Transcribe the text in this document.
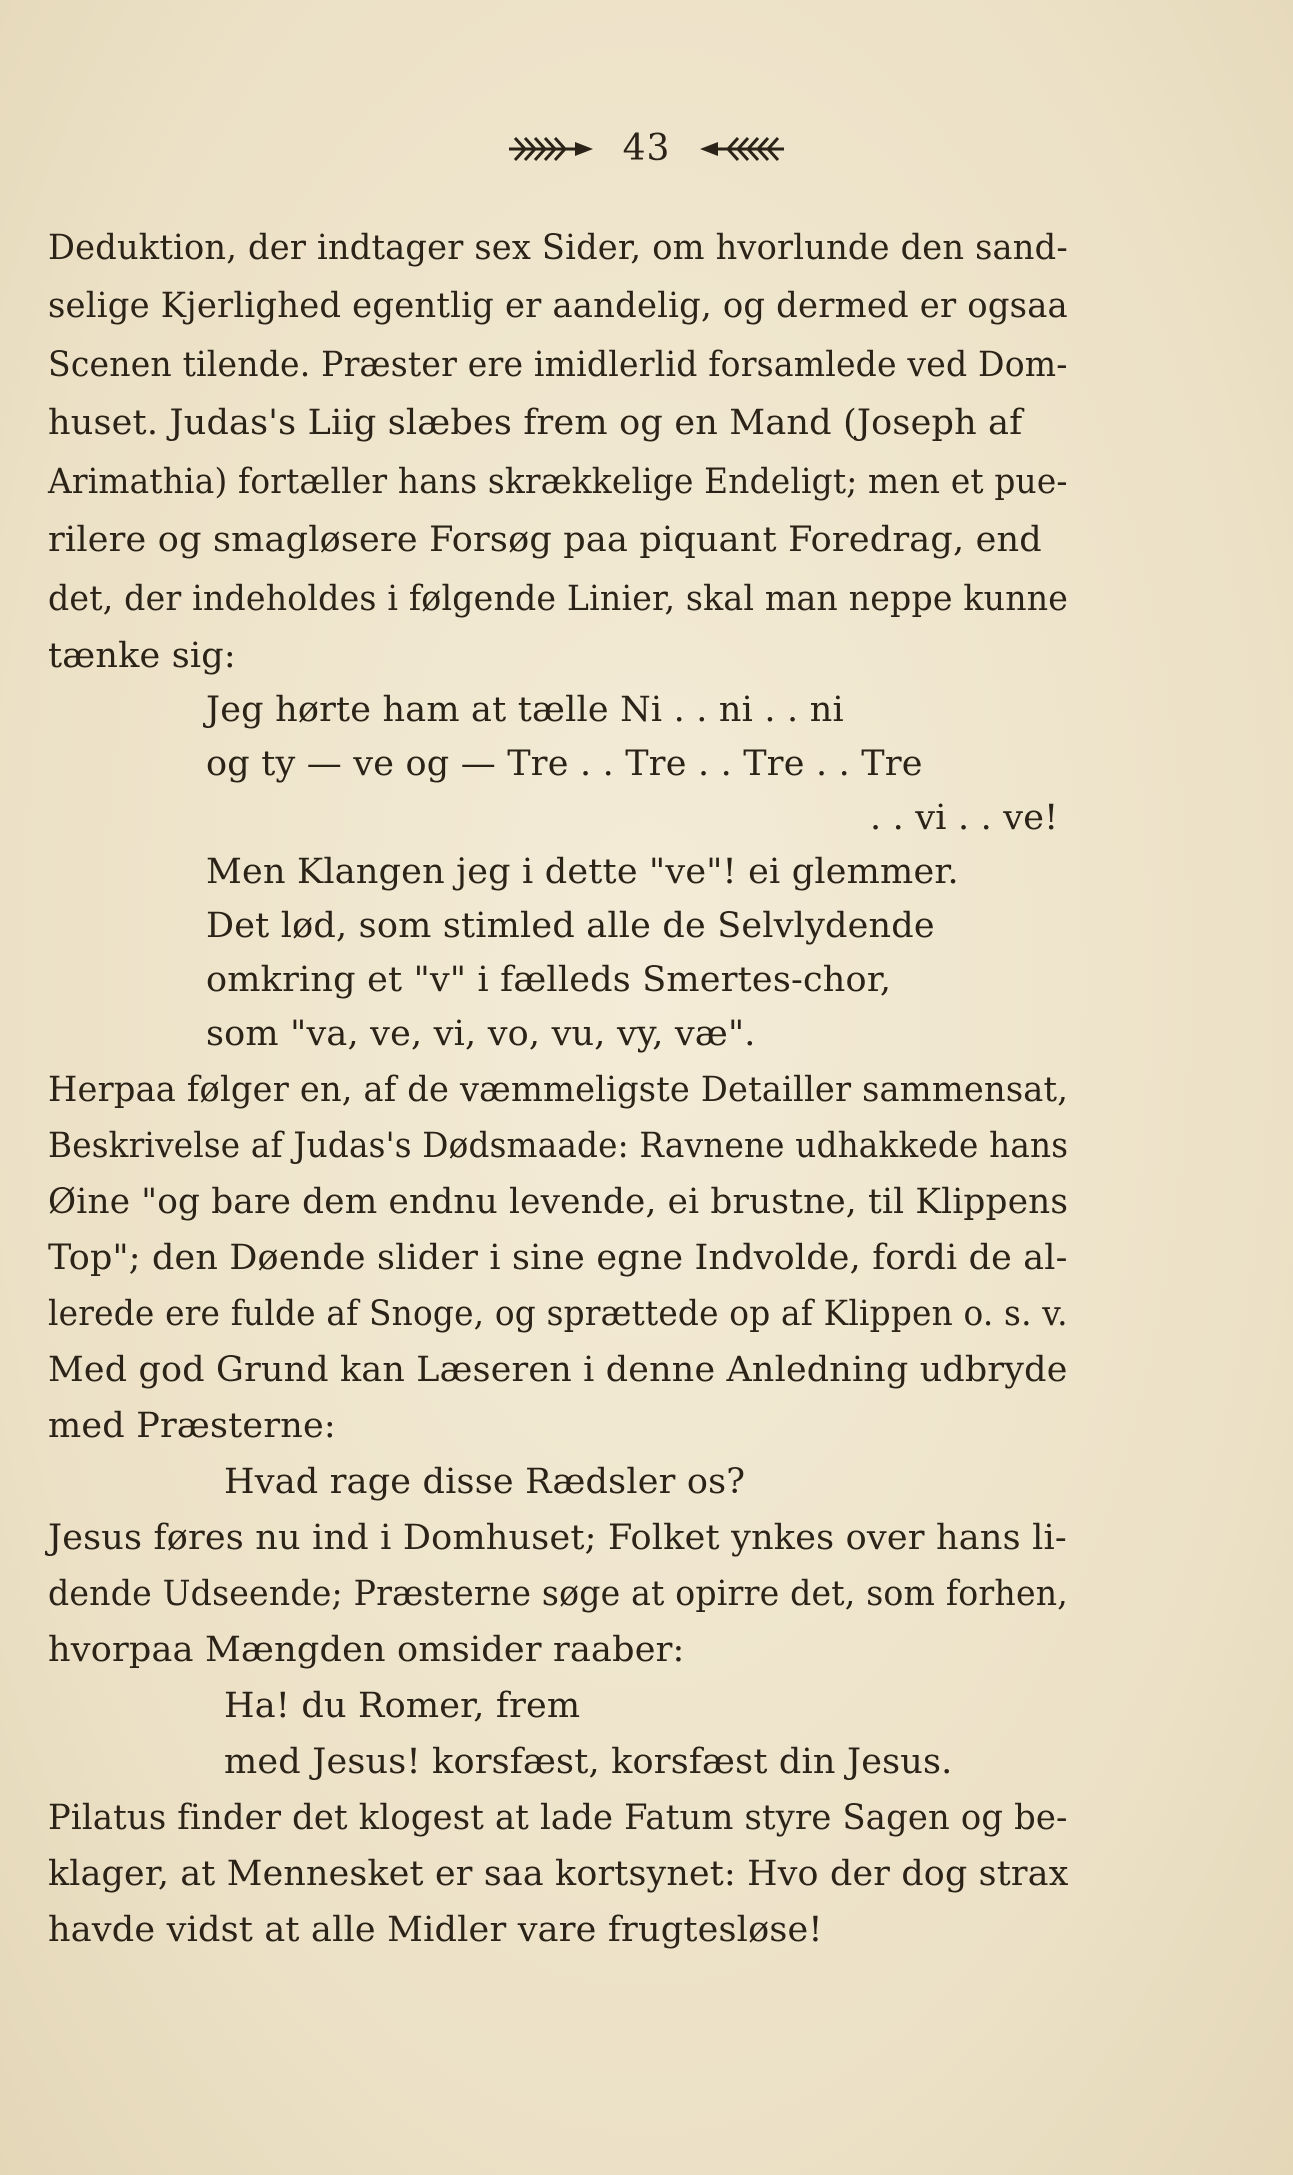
43
Deduktion, der indtager sex Sider, om hvorlunde den sand-
selige Kjerlighed egentlig er aandelig, og dermed er ogsaa
Scenen tilende. Præster ere imidlerlid forsamlede ved Dom-
huset. Judas's Liig slæbes frem og en Mand (Joseph af
Arimathia) fortæller hans skrækkelige Endeligt; men et pue-
rilere og smagløsere Forsøg paa piquant Foredrag, end
det, der indeholdes i følgende Linier, skal man neppe kunne
tænke sig:
Jeg hørte ham at tælle Ni . . ni . . ni
og ty — ve og — Tre . . Tre . . Tre . . Tre
. . vi . . ve!
Men Klangen jeg i dette "ve"! ei glemmer.
Det lød, som stimled alle de Selvlydende
omkring et "v" i fælleds Smertes-chor,
som "va, ve, vi, vo, vu, vy, væ".
Herpaa følger en, af de væmmeligste Detailler sammensat,
Beskrivelse af Judas's Dødsmaade: Ravnene udhakkede hans
Øine "og bare dem endnu levende, ei brustne, til Klippens
Top"; den Døende slider i sine egne Indvolde, fordi de al-
lerede ere fulde af Snoge, og sprættede op af Klippen o. s. v.
Med god Grund kan Læseren i denne Anledning udbryde
med Præsterne:
Hvad rage disse Rædsler os?
Jesus føres nu ind i Domhuset; Folket ynkes over hans li-
dende Udseende; Præsterne søge at opirre det, som forhen,
hvorpaa Mængden omsider raaber:
Ha! du Romer, frem
med Jesus! korsfæst, korsfæst din Jesus.
Pilatus finder det klogest at lade Fatum styre Sagen og be-
klager, at Mennesket er saa kortsynet: Hvo der dog strax
havde vidst at alle Midler vare frugtesløse!
